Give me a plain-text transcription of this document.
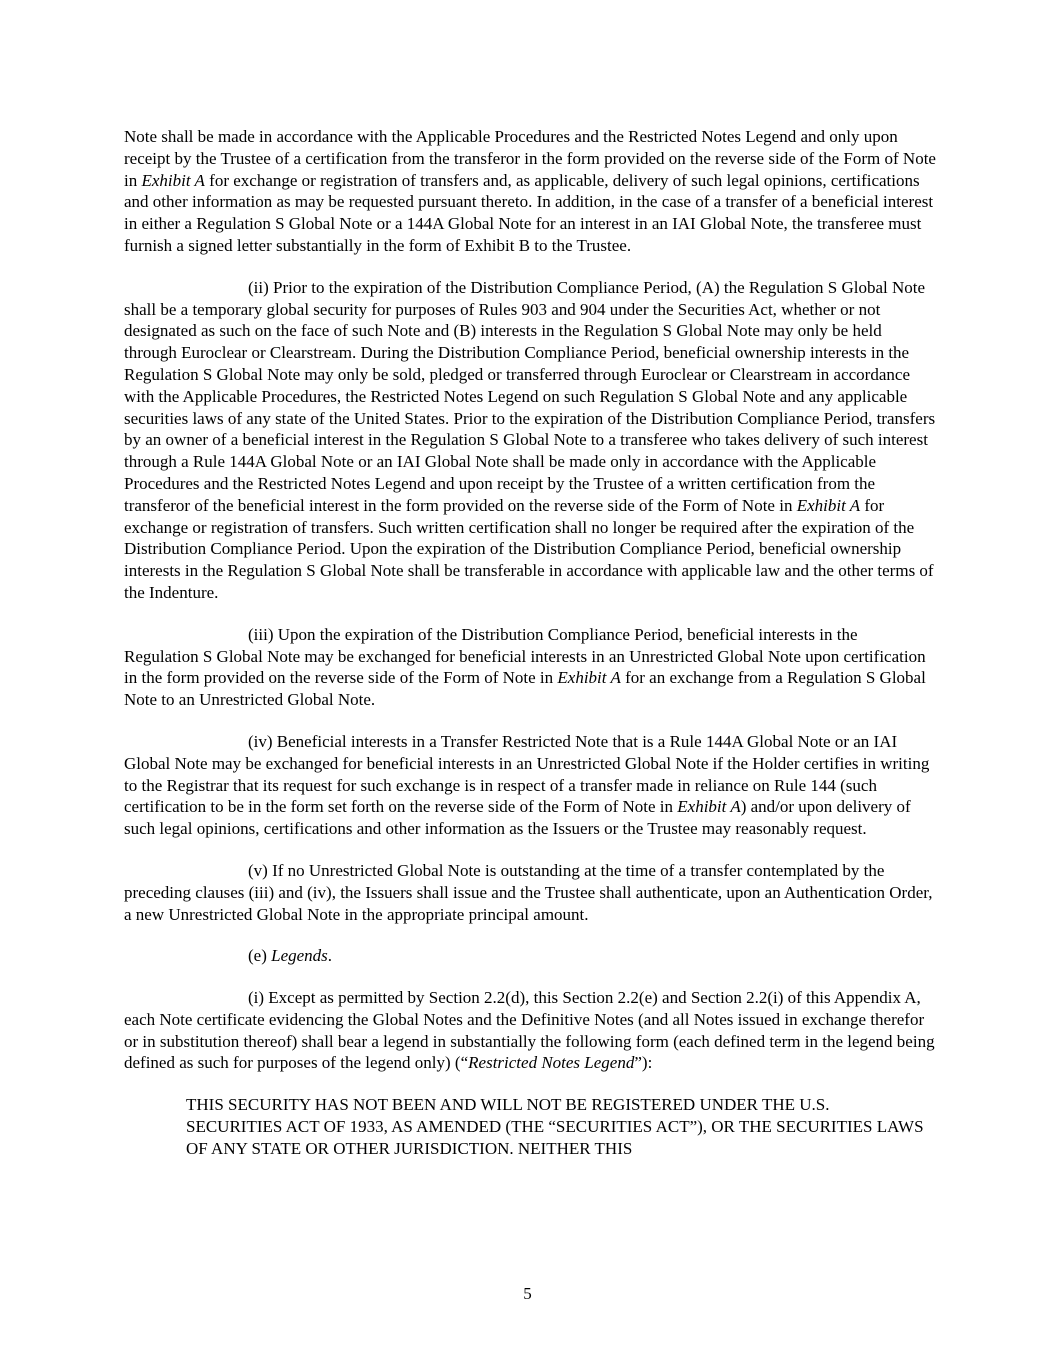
Note shall be made in accordance with the Applicable Procedures and the Restricted Notes Legend and only upon receipt by the Trustee of a certification from the transferor in the form provided on the reverse side of the Form of Note in Exhibit A for exchange or registration of transfers and, as applicable, delivery of such legal opinions, certifications and other information as may be requested pursuant thereto. In addition, in the case of a transfer of a beneficial interest in either a Regulation S Global Note or a 144A Global Note for an interest in an IAI Global Note, the transferee must furnish a signed letter substantially in the form of Exhibit B to the Trustee.

(ii) Prior to the expiration of the Distribution Compliance Period, (A) the Regulation S Global Note shall be a temporary global security for purposes of Rules 903 and 904 under the Securities Act, whether or not designated as such on the face of such Note and (B) interests in the Regulation S Global Note may only be held through Euroclear or Clearstream. During the Distribution Compliance Period, beneficial ownership interests in the Regulation S Global Note may only be sold, pledged or transferred through Euroclear or Clearstream in accordance with the Applicable Procedures, the Restricted Notes Legend on such Regulation S Global Note and any applicable securities laws of any state of the United States. Prior to the expiration of the Distribution Compliance Period, transfers by an owner of a beneficial interest in the Regulation S Global Note to a transferee who takes delivery of such interest through a Rule 144A Global Note or an IAI Global Note shall be made only in accordance with the Applicable Procedures and the Restricted Notes Legend and upon receipt by the Trustee of a written certification from the transferor of the beneficial interest in the form provided on the reverse side of the Form of Note in Exhibit A for exchange or registration of transfers. Such written certification shall no longer be required after the expiration of the Distribution Compliance Period. Upon the expiration of the Distribution Compliance Period, beneficial ownership interests in the Regulation S Global Note shall be transferable in accordance with applicable law and the other terms of the Indenture.

(iii) Upon the expiration of the Distribution Compliance Period, beneficial interests in the Regulation S Global Note may be exchanged for beneficial interests in an Unrestricted Global Note upon certification in the form provided on the reverse side of the Form of Note in Exhibit A for an exchange from a Regulation S Global Note to an Unrestricted Global Note.

(iv) Beneficial interests in a Transfer Restricted Note that is a Rule 144A Global Note or an IAI Global Note may be exchanged for beneficial interests in an Unrestricted Global Note if the Holder certifies in writing to the Registrar that its request for such exchange is in respect of a transfer made in reliance on Rule 144 (such certification to be in the form set forth on the reverse side of the Form of Note in Exhibit A) and/or upon delivery of such legal opinions, certifications and other information as the Issuers or the Trustee may reasonably request.

(v) If no Unrestricted Global Note is outstanding at the time of a transfer contemplated by the preceding clauses (iii) and (iv), the Issuers shall issue and the Trustee shall authenticate, upon an Authentication Order, a new Unrestricted Global Note in the appropriate principal amount.

(e) Legends.

(i) Except as permitted by Section 2.2(d), this Section 2.2(e) and Section 2.2(i) of this Appendix A, each Note certificate evidencing the Global Notes and the Definitive Notes (and all Notes issued in exchange therefor or in substitution thereof) shall bear a legend in substantially the following form (each defined term in the legend being defined as such for purposes of the legend only) (“Restricted Notes Legend”):

THIS SECURITY HAS NOT BEEN AND WILL NOT BE REGISTERED UNDER THE U.S. SECURITIES ACT OF 1933, AS AMENDED (THE “SECURITIES ACT”), OR THE SECURITIES LAWS OF ANY STATE OR OTHER JURISDICTION. NEITHER THIS

5
